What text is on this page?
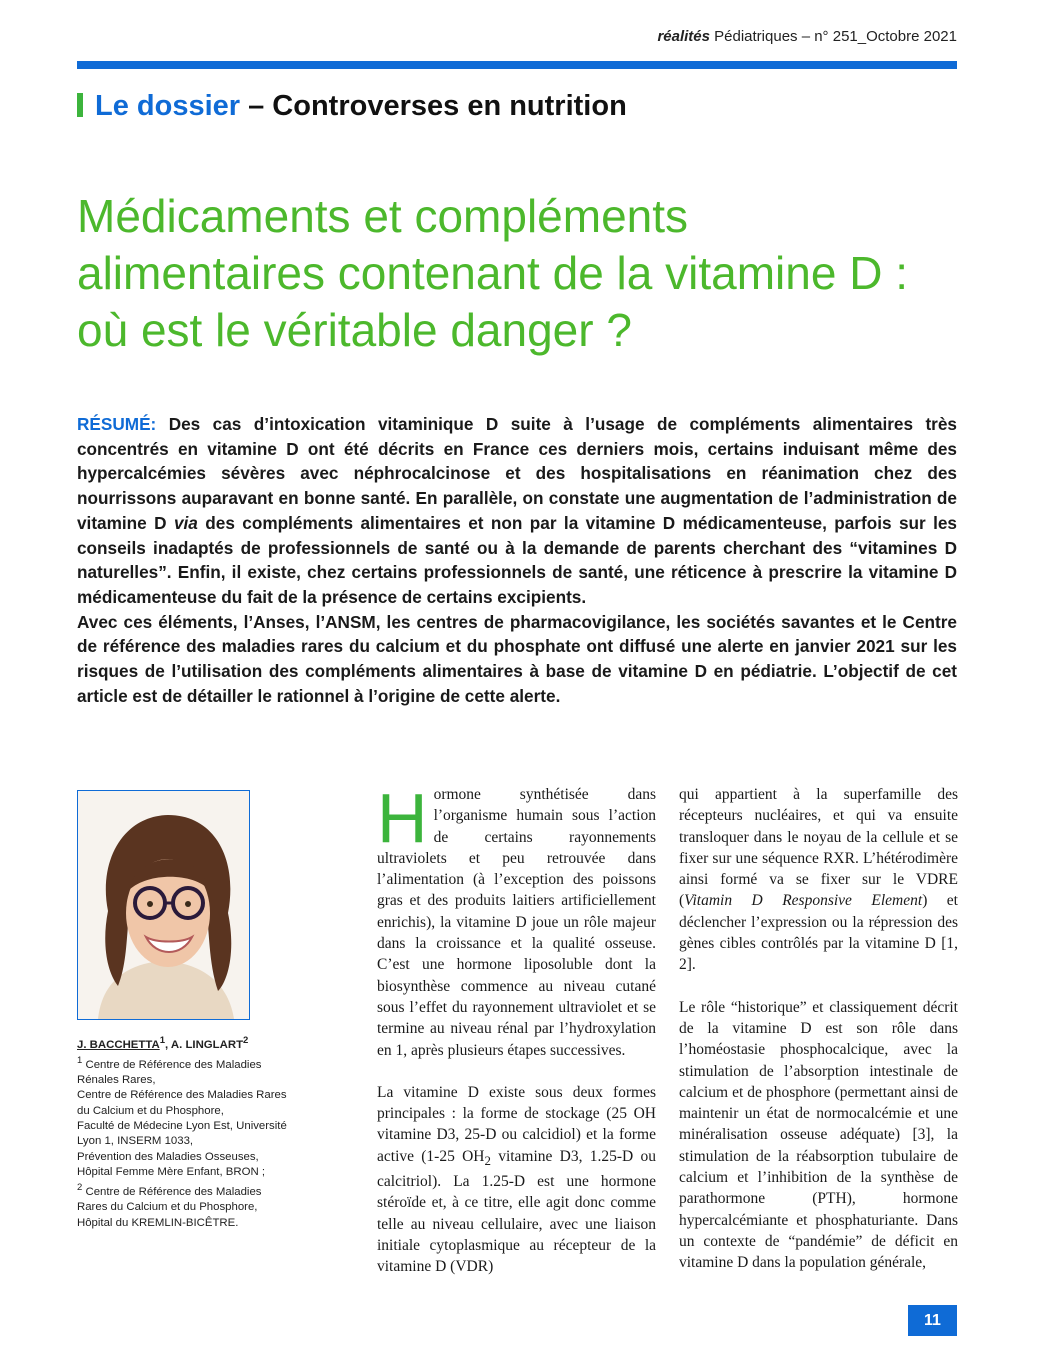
réalités Pédiatriques – n° 251_Octobre 2021
Le dossier – Controverses en nutrition
Médicaments et compléments
alimentaires contenant de la vitamine D :
où est le véritable danger ?

RÉSUMÉ: Des cas d’intoxication vitaminique D suite à l’usage de compléments alimentaires très concentrés en vitamine D ont été décrits en France ces derniers mois, certains induisant même des hypercalcémies sévères avec néphrocalcinose et des hospitalisations en réanimation chez des nourrissons auparavant en bonne santé. En parallèle, on constate une augmentation de l’administration de vitamine D via des compléments alimentaires et non par la vitamine D médicamenteuse, parfois sur les conseils inadaptés de professionnels de santé ou à la demande de parents cherchant des “vitamines D naturelles”. Enfin, il existe, chez certains professionnels de santé, une réticence à prescrire la vitamine D médicamenteuse du fait de la présence de certains excipients.

Avec ces éléments, l’Anses, l’ANSM, les centres de pharmacovigilance, les sociétés savantes et le Centre de référence des maladies rares du calcium et du phosphate ont diffusé une alerte en janvier 2021 sur les risques de l’utilisation des compléments alimentaires à base de vitamine D en pédiatrie. L’objectif de cet article est de détailler le rationnel à l’origine de cette alerte.

J. BACCHETTA$^1$, A. LINGLART$^2$
$^1$ Centre de Référence des Maladies Rénales Rares,
Centre de Référence des Maladies Rares du Calcium et du Phosphore,
Faculté de Médecine Lyon Est, Université Lyon 1, INSERM 1033,
Prévention des Maladies Osseuses, Hôpital Femme Mère Enfant, BRON ;
$^2$ Centre de Référence des Maladies Rares du Calcium et du Phosphore,
Hôpital du KREMLIN-BICÊTRE.

Hormone synthétisée dans l’organisme humain sous l’action de certains rayonnements ultraviolets et peu retrouvée dans l’alimentation (à l’exception des poissons gras et des produits laitiers artificiellement enrichis), la vitamine D joue un rôle majeur dans la croissance et la qualité osseuse. C’est une hormone liposoluble dont la biosynthèse commence au niveau cutané sous l’effet du rayonnement ultraviolet et se termine au niveau rénal par l’hydroxylation en 1, après plusieurs étapes successives.

La vitamine D existe sous deux formes principales : la forme de stockage (25 OH vitamine D3, 25-D ou calcidiol) et la forme active (1-25 $OH_2$ vitamine D3, 1.25-D ou calcitriol). La 1.25-D est une hormone stéroïde et, à ce titre, elle agit donc comme telle au niveau cellulaire, avec une liaison initiale cytoplasmique au récepteur de la vitamine D (VDR)

qui appartient à la superfamille des récepteurs nucléaires, et qui va ensuite transloquer dans le noyau de la cellule et se fixer sur une séquence RXR. L’hétérodimère ainsi formé va se fixer sur le VDRE (Vitamin D Responsive Element) et déclencher l’expression ou la répression des gènes cibles contrôlés par la vitamine D [1, 2].

Le rôle “historique” et classiquement décrit de la vitamine D est son rôle dans l’homéostasie phosphocalcique, avec la stimulation de l’absorption intestinale de calcium et de phosphore (permettant ainsi de maintenir un état de normocalcémie et une minéralisation osseuse adéquate) [3], la stimulation de la réabsorption tubulaire de calcium et l’inhibition de la synthèse de parathormone (PTH), hormone hypercalcémiante et phosphaturiante. Dans un contexte de “pandémie” de déficit en vitamine D dans la population générale,

11
